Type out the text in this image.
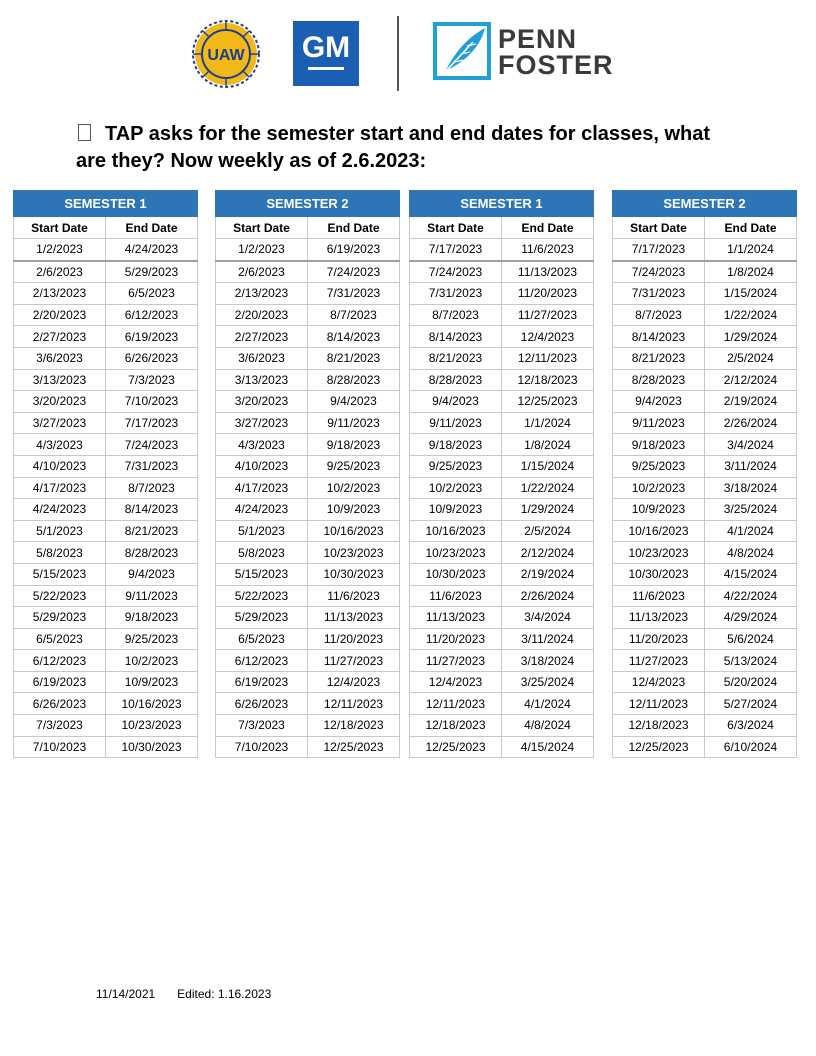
UAW GM	PENN
FOSTER
TAP asks for the semester start and end dates for classes, what
are they? Now weekly as of 2.6.2023:
SEMESTER 1	
Start Date	End Date
1/2/2023	4/24/2023
2/6/2023	5/29/2023
2/13/2023	6/5/2023
2/20/2023	6/12/2023
2/27/2023	6/19/2023
3/6/2023	6/26/2023
3/13/2023	7/3/2023
3/20/2023	7/10/2023
3/27/2023	7/17/2023
4/3/2023	7/24/2023
4/10/2023	7/31/2023
4/17/2023	8/7/2023
4/24/2023	8/14/2023
5/1/2023	8/21/2023
5/8/2023	8/28/2023
5/15/2023	9/4/2023
5/22/2023	9/11/2023
5/29/2023	9/18/2023
6/5/2023	9/25/2023
6/12/2023	10/2/2023
6/19/2023	10/9/2023
6/26/2023	10/16/2023
7/3/2023	10/23/2023
7/10/2023	10/30/2023
SEMESTER 2	
Start Date	End Date
1/2/2023	6/19/2023
2/6/2023	7/24/2023
2/13/2023	7/31/2023
2/20/2023	8/7/2023
2/27/2023	8/14/2023
3/6/2023	8/21/2023
3/13/2023	8/28/2023
3/20/2023	9/4/2023
3/27/2023	9/11/2023
4/3/2023	9/18/2023
4/10/2023	9/25/2023
4/17/2023	10/2/2023
4/24/2023	10/9/2023
5/1/2023	10/16/2023
5/8/2023	10/23/2023
5/15/2023	10/30/2023
5/22/2023	11/6/2023
5/29/2023	11/13/2023
6/5/2023	11/20/2023
6/12/2023	11/27/2023
6/19/2023	12/4/2023
6/26/2023	12/11/2023
7/3/2023	12/18/2023
7/10/2023	12/25/2023
SEMESTER 1	
Start Date	End Date
7/17/2023	11/6/2023
7/24/2023	11/13/2023
7/31/2023	11/20/2023
8/7/2023	11/27/2023
8/14/2023	12/4/2023
8/21/2023	12/11/2023
8/28/2023	12/18/2023
9/4/2023	12/25/2023
9/11/2023	1/1/2024
9/18/2023	1/8/2024
9/25/2023	1/15/2024
10/2/2023	1/22/2024
10/9/2023	1/29/2024
10/16/2023	2/5/2024
10/23/2023	2/12/2024
10/30/2023	2/19/2024
11/6/2023	2/26/2024
11/13/2023	3/4/2024
11/20/2023	3/11/2024
11/27/2023	3/18/2024
12/4/2023	3/25/2024
12/11/2023	4/1/2024
12/18/2023	4/8/2024
12/25/2023	4/15/2024
SEMESTER 2	
Start Date	End Date
7/17/2023	1/1/2024
7/24/2023	1/8/2024
7/31/2023	1/15/2024
8/7/2023	1/22/2024
8/14/2023	1/29/2024
8/21/2023	2/5/2024
8/28/2023	2/12/2024
9/4/2023	2/19/2024
9/11/2023	2/26/2024
9/18/2023	3/4/2024
9/25/2023	3/11/2024
10/2/2023	3/18/2024
10/9/2023	3/25/2024
10/16/2023	4/1/2024
10/23/2023	4/8/2024
10/30/2023	4/15/2024
11/6/2023	4/22/2024
11/13/2023	4/29/2024
11/20/2023	5/6/2024
11/27/2023	5/13/2024
12/4/2023	5/20/2024
12/11/2023	5/27/2024
12/18/2023	6/3/2024
12/25/2023	6/10/2024
11/14/2021 Edited: 1.16.2023
